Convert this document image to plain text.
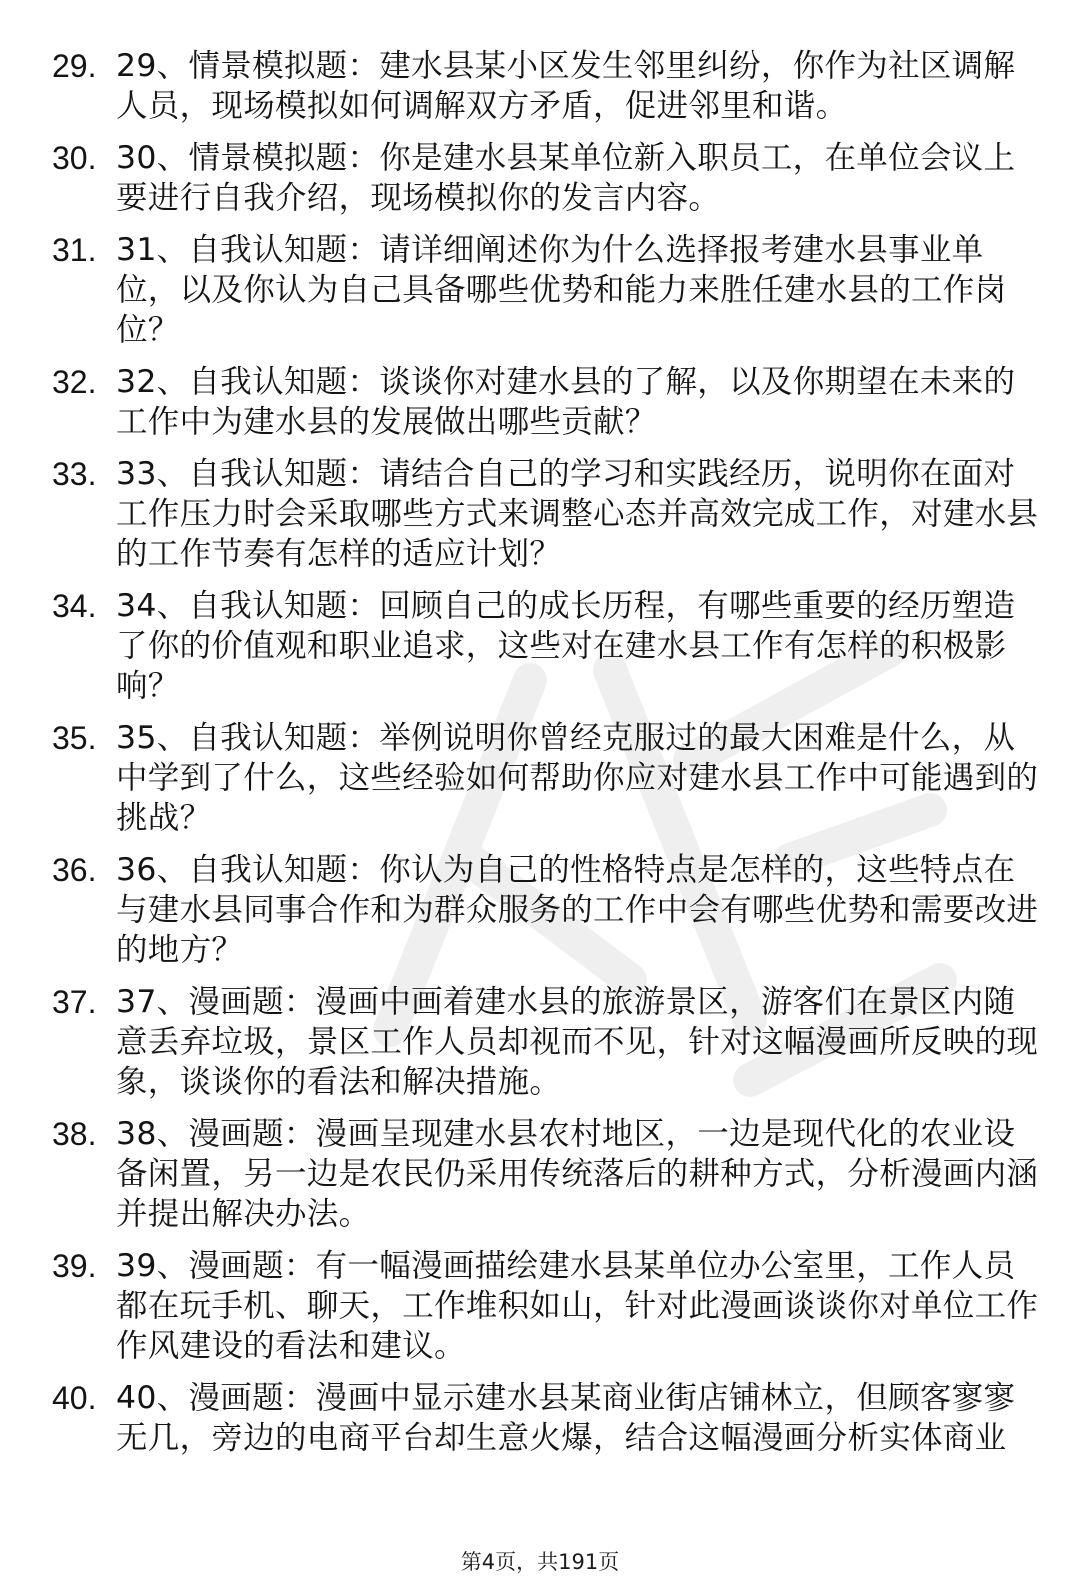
29. 29、情景模拟题：建水县某小区发生邻里纠纷，你作为社区调解人员，现场模拟如何调解双方矛盾，促进邻里和谐。
30. 30、情景模拟题：你是建水县某单位新入职员工，在单位会议上要进行自我介绍，现场模拟你的发言内容。
31. 31、自我认知题：请详细阐述你为什么选择报考建水县事业单位，以及你认为自己具备哪些优势和能力来胜任建水县的工作岗位？
32. 32、自我认知题：谈谈你对建水县的了解，以及你期望在未来的工作中为建水县的发展做出哪些贡献？
33. 33、自我认知题：请结合自己的学习和实践经历，说明你在面对工作压力时会采取哪些方式来调整心态并高效完成工作，对建水县的工作节奏有怎样的适应计划？
34. 34、自我认知题：回顾自己的成长历程，有哪些重要的经历塑造了你的价值观和职业追求，这些对在建水县工作有怎样的积极影响？
35. 35、自我认知题：举例说明你曾经克服过的最大困难是什么，从中学到了什么，这些经验如何帮助你应对建水县工作中可能遇到的挑战？
36. 36、自我认知题：你认为自己的性格特点是怎样的，这些特点在与建水县同事合作和为群众服务的工作中会有哪些优势和需要改进的地方？
37. 37、漫画题：漫画中画着建水县的旅游景区，游客们在景区内随意丢弃垃圾，景区工作人员却视而不见，针对这幅漫画所反映的现象，谈谈你的看法和解决措施。
38. 38、漫画题：漫画呈现建水县农村地区，一边是现代化的农业设备闲置，另一边是农民仍采用传统落后的耕种方式，分析漫画内涵并提出解决办法。
39. 39、漫画题：有一幅漫画描绘建水县某单位办公室里，工作人员都在玩手机、聊天，工作堆积如山，针对此漫画谈谈你对单位工作作风建设的看法和建议。
40. 40、漫画题：漫画中显示建水县某商业街店铺林立，但顾客寥寥无几，旁边的电商平台却生意火爆，结合这幅漫画分析实体商业
第4页，共191页
